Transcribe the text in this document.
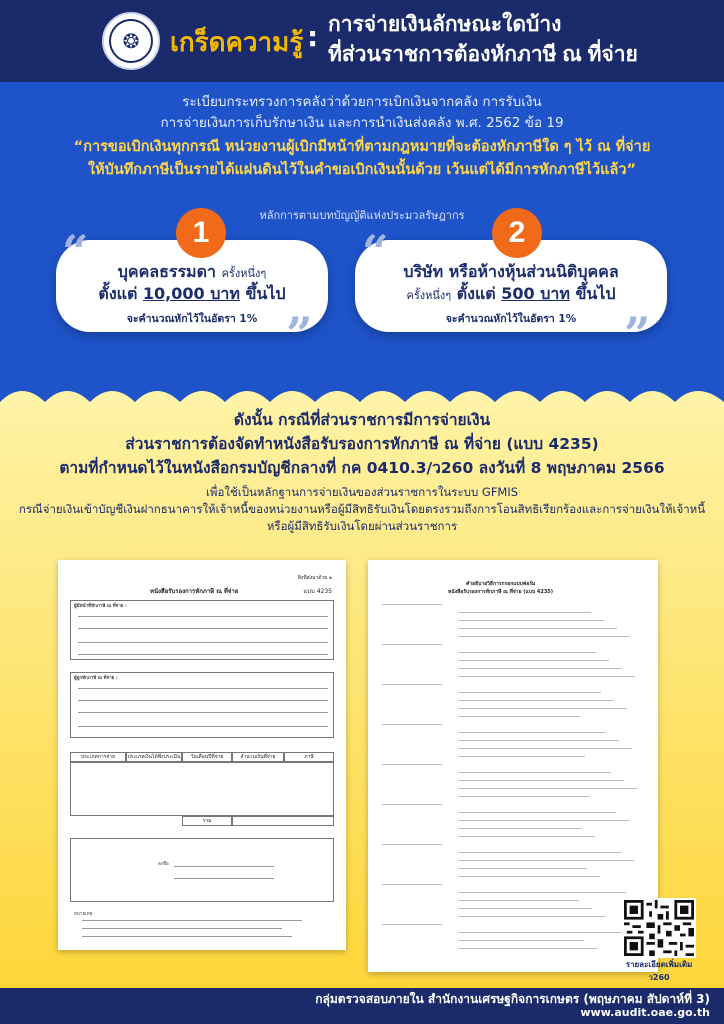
❂	เกร็ดความรู้ : การจ่ายเงินลักษณะใดบ้าง
ที่ส่วนราชการต้องหักภาษี ณ ที่จ่าย
ระเบียบกระทรวงการคลังว่าด้วยการเบิกเงินจากคลัง การรับเงิน
การจ่ายเงินการเก็บรักษาเงิน และการนำเงินส่งคลัง พ.ศ. 2562 ข้อ 19
“การขอเบิกเงินทุกกรณี หน่วยงานผู้เบิกมีหน้าที่ตามกฎหมายที่จะต้องหักภาษีใด ๆ ไว้ ณ ที่จ่าย
ให้บันทึกภาษีเป็นรายได้แผ่นดินไว้ในคำขอเบิกเงินนั้นด้วย เว้นแต่ได้มีการหักภาษีไว้แล้ว”
หลักการตามบทบัญญัติแห่งประมวลรัษฎากร
บุคคลธรรมดา ครั้งหนึ่งๆ
ตั้งแต่ 10,000 บาท ขึ้นไป
จะคำนวณหักไว้ในอัตรา 1%
“
”
1
บริษัท หรือห้างหุ้นส่วนนิติบุคคล
ครั้งหนึ่งๆ ตั้งแต่ 500 บาท ขึ้นไป
จะคำนวณหักไว้ในอัตรา 1%
“
”
2
ดังนั้น กรณีที่ส่วนราชการมีการจ่ายเงิน
ส่วนราชการต้องจัดทำหนังสือรับรองการหักภาษี ณ ที่จ่าย (แบบ 4235)
ตามที่กำหนดไว้ในหนังสือกรมบัญชีกลางที่ กค 0410.3/ว260 ลงวันที่ 8 พฤษภาคม 2566
เพื่อใช้เป็นหลักฐานการจ่ายเงินของส่วนราชการในระบบ GFMIS
กรณีจ่ายเงินเข้าบัญชีเงินฝากธนาคารให้เจ้าหนี้ของหน่วยงานหรือผู้มีสิทธิรับเงินโดยตรงรวมถึงการโอนสิทธิเรียกร้องและการจ่ายเงินให้เจ้าหนี้
หรือผู้มีสิทธิรับเงินโดยผ่านส่วนราชการ
สิ่งที่ส่งมาด้วย ๑
หนังสือรับรองการหักภาษี ณ ที่จ่าย	แบบ 4235
ผู้มีหน้าที่หักภาษี ณ ที่จ่าย :
ผู้ถูกหักภาษี ณ ที่จ่าย :
ประเภทการจ่าย	ประเภทเงินได้พึงประเมิน	วันเดือนปีที่จ่าย	จำนวนเงินที่จ่าย	ภาษี
รวม
ลงชื่อ
หมายเหตุ
คำอธิบายวิธีการกรอกแบบฟอร์ม
หนังสือรับรองการหักภาษี ณ ที่จ่าย (แบบ 4235)
รายละเอียดเพิ่มเติม ว260
กลุ่มตรวจสอบภายใน สำนักงานเศรษฐกิจการเกษตร (พฤษภาคม สัปดาห์ที่ 3)
www.audit.oae.go.th
